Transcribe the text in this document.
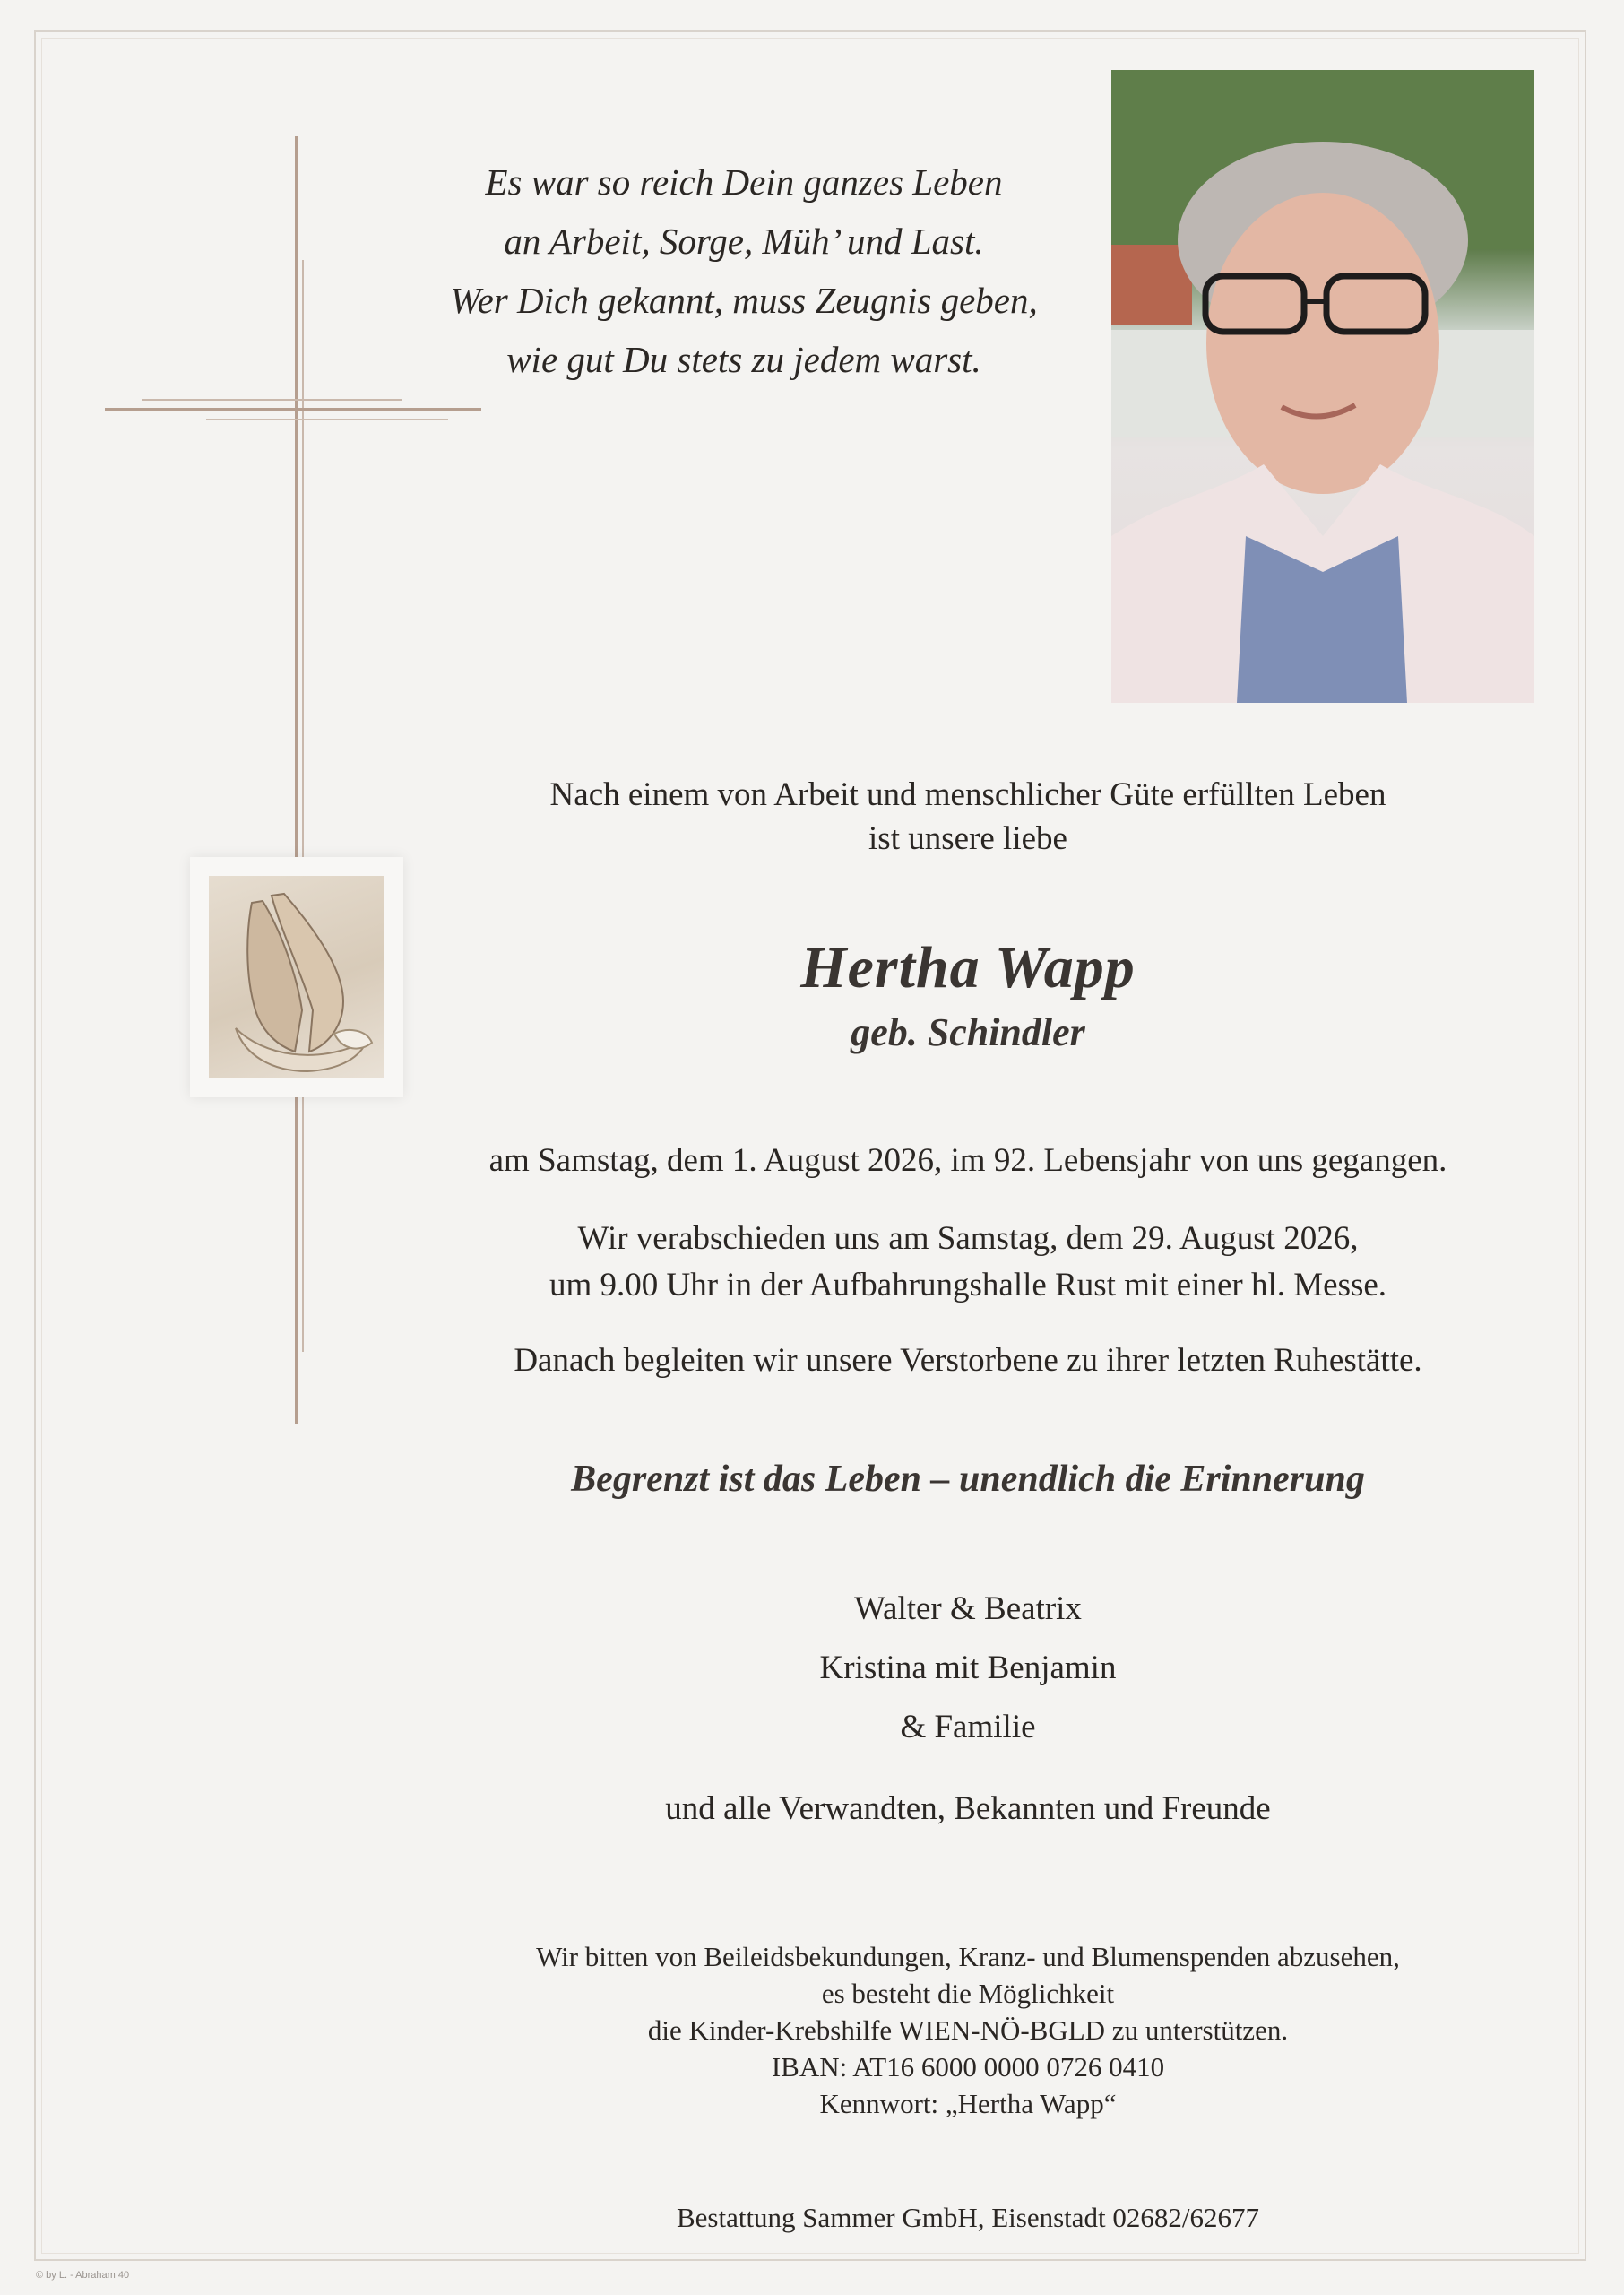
Es war so reich Dein ganzes Leben
an Arbeit, Sorge, Müh’ und Last.
Wer Dich gekannt, muss Zeugnis geben,
wie gut Du stets zu jedem warst.
Nach einem von Arbeit und menschlicher Güte erfüllten Leben
ist unsere liebe
Hertha Wapp
geb. Schindler
am Samstag, dem 1. August 2026, im 92. Lebensjahr von uns gegangen.
Wir verabschieden uns am Samstag, dem 29. August 2026,
um 9.00 Uhr in der Aufbahrungshalle Rust mit einer hl. Messe.
Danach begleiten wir unsere Verstorbene zu ihrer letzten Ruhestätte.
Begrenzt ist das Leben – unendlich die Erinnerung
Walter & Beatrix
Kristina mit Benjamin
& Familie
und alle Verwandten, Bekannten und Freunde
Wir bitten von Beileidsbekundungen, Kranz- und Blumenspenden abzusehen,
es besteht die Möglichkeit
die Kinder-Krebshilfe WIEN-NÖ-BGLD zu unterstützen.
IBAN: AT16 6000 0000 0726 0410
Kennwort: „Hertha Wapp“
Bestattung Sammer GmbH, Eisenstadt 02682/62677
© by L. - Abraham 40
